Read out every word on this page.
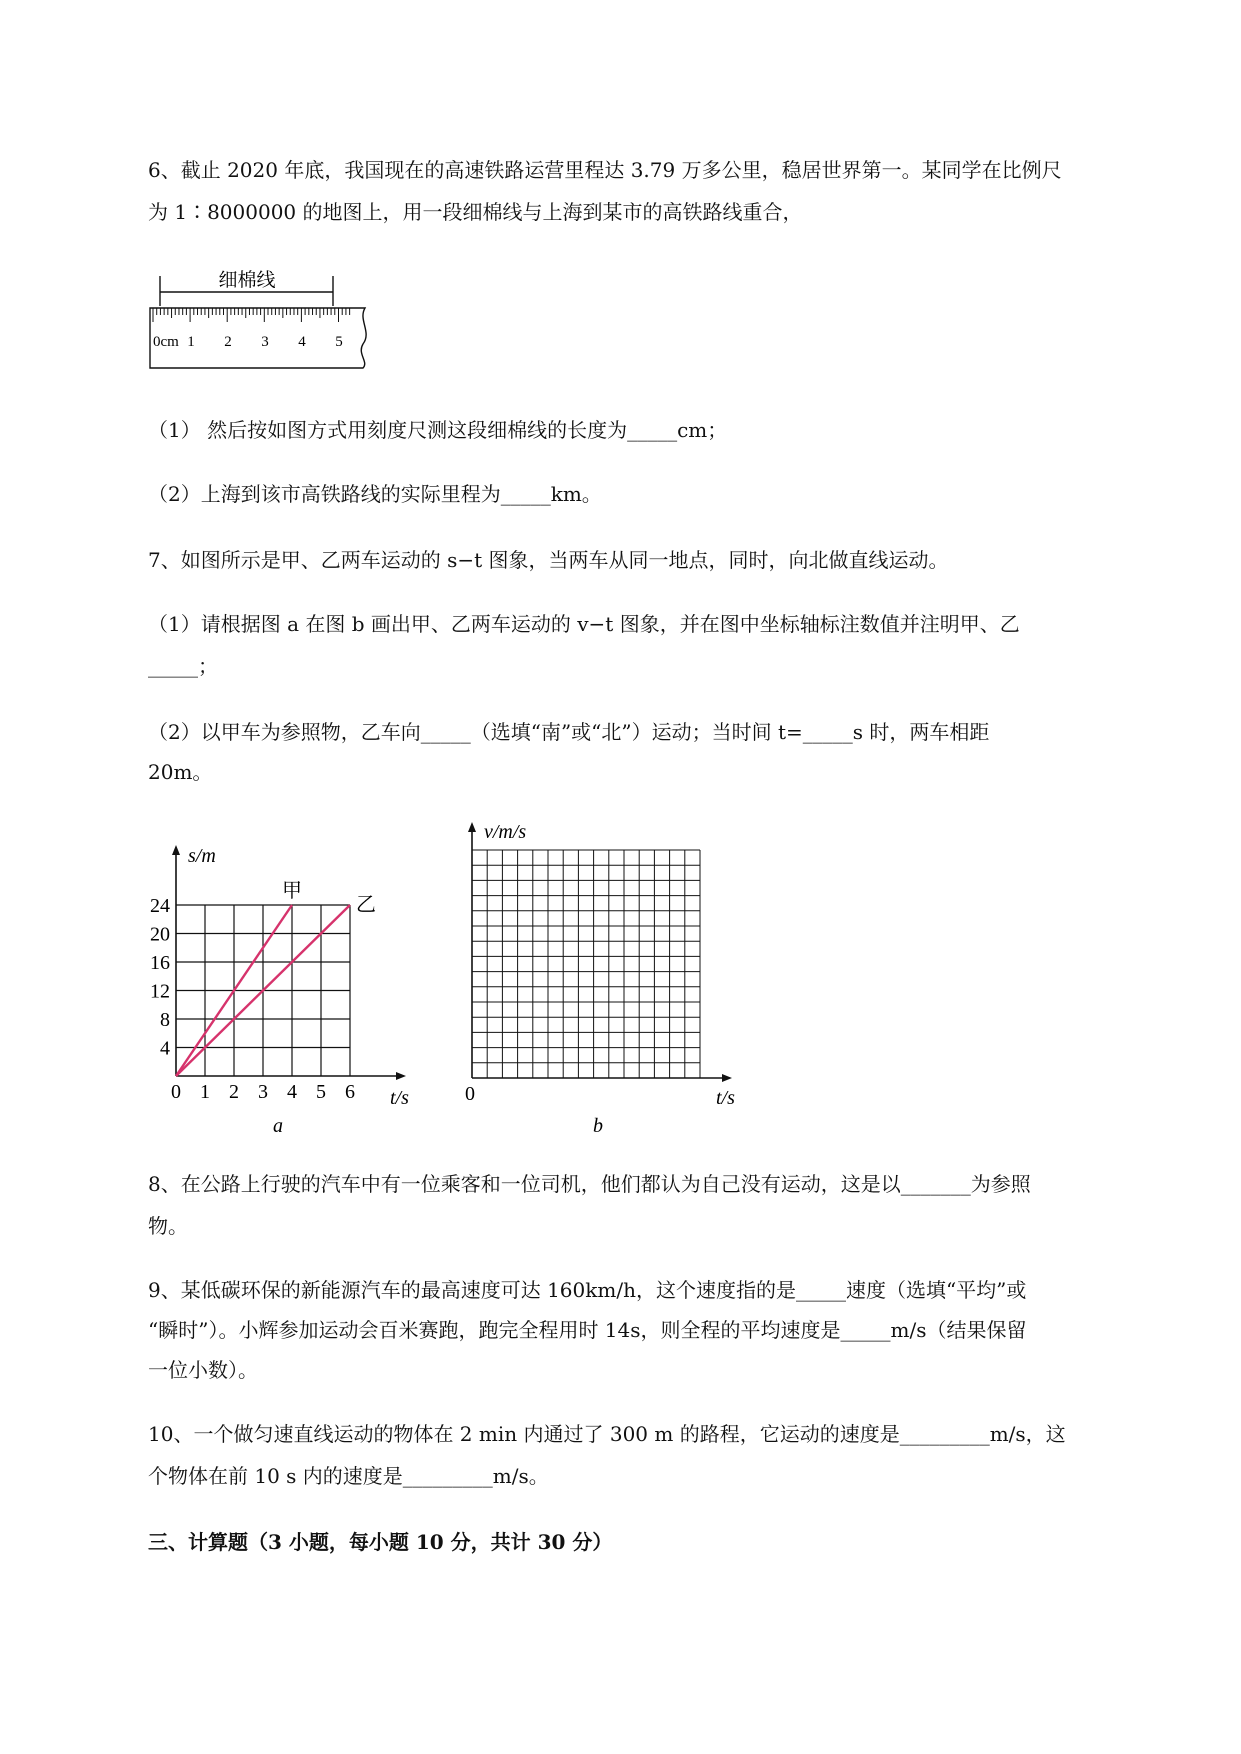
6、截止 2020 年底，我国现在的高速铁路运营里程达 3.79 万多公里，稳居世界第一。某同学在比例尺
为 1∶8000000 的地图上，用一段细棉线与上海到某市的高铁路线重合，
细棉线
0cm 1 2 3 4 5
（1） 然后按如图方式用刻度尺测这段细棉线的长度为_____cm；
（2）上海到该市高铁路线的实际里程为_____km。
7、如图所示是甲、乙两车运动的 s−t 图象，当两车从同一地点，同时，向北做直线运动。
（1）请根据图 a 在图 b 画出甲、乙两车运动的 v−t 图象，并在图中坐标轴标注数值并注明甲、乙
_____；
（2）以甲车为参照物，乙车向_____（选填“南”或“北”）运动；当时间 t=_____s 时，两车相距
20m。
甲
乙
4
8
12
16
20
24
1 2 3 4 5 6
s/m
t/s
0
a
v/m/s
t/s
0
b
8、在公路上行驶的汽车中有一位乘客和一位司机，他们都认为自己没有运动，这是以_______为参照
物。
9、某低碳环保的新能源汽车的最高速度可达 160km/h，这个速度指的是_____速度（选填“平均”或
“瞬时”）。小辉参加运动会百米赛跑，跑完全程用时 14s，则全程的平均速度是_____m/s（结果保留
一位小数）。
10、一个做匀速直线运动的物体在 2 min 内通过了 300 m 的路程，它运动的速度是_________m/s，这
个物体在前 10 s 内的速度是_________m/s。
三、计算题（3 小题，每小题 10 分，共计 30 分）
